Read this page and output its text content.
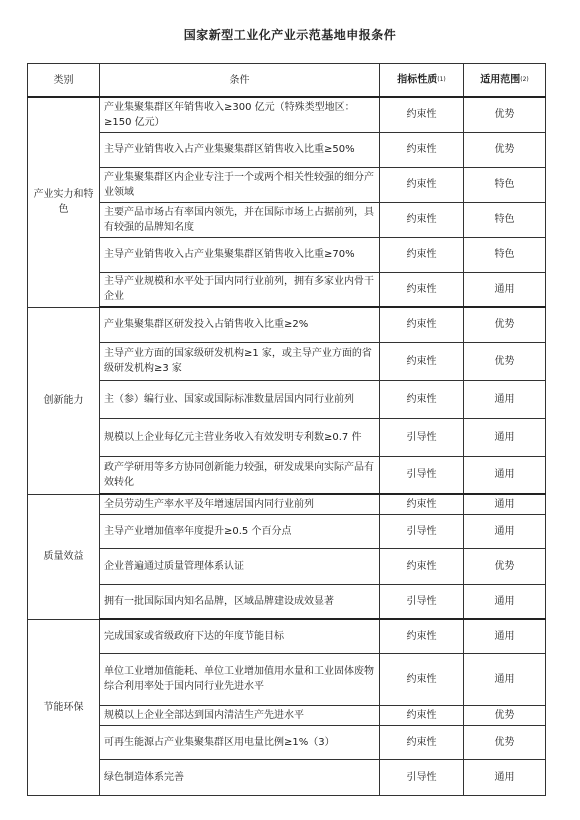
国家新型工业化产业示范基地申报条件
类别	条件	指标性质(1)	适用范围(2)
产业实力和特色	产业集聚集群区年销售收入≥300 亿元（特殊类型地区：≥150 亿元）	约束性	优势
	主导产业销售收入占产业集聚集群区销售收入比重≥50%	约束性	优势
	产业集聚集群区内企业专注于一个或两个相关性较强的细分产业领域	约束性	特色
	主要产品市场占有率国内领先，并在国际市场上占据前列，具有较强的品牌知名度	约束性	特色
	主导产业销售收入占产业集聚集群区销售收入比重≥70%	约束性	特色
	主导产业规模和水平处于国内同行业前列，拥有多家业内骨干企业	约束性	通用
创新能力	产业集聚集群区研发投入占销售收入比重≥2%	约束性	优势
	主导产业方面的国家级研发机构≥1 家，或主导产业方面的省级研发机构≥3 家	约束性	优势
	主（参）编行业、国家或国际标准数量居国内同行业前列	约束性	通用
	规模以上企业每亿元主营业务收入有效发明专利数≥0.7 件	引导性	通用
	政产学研用等多方协同创新能力较强，研发成果向实际产品有效转化	引导性	通用
质量效益	全员劳动生产率水平及年增速居国内同行业前列	约束性	通用
	主导产业增加值率年度提升≥0.5 个百分点	引导性	通用
	企业普遍通过质量管理体系认证	约束性	优势
	拥有一批国际国内知名品牌，区域品牌建设成效显著	引导性	通用
节能环保	完成国家或省级政府下达的年度节能目标	约束性	通用
	单位工业增加值能耗、单位工业增加值用水量和工业固体废物综合利用率处于国内同行业先进水平	约束性	通用
	规模以上企业全部达到国内清洁生产先进水平	约束性	优势
	可再生能源占产业集聚集群区用电量比例≥1%（3）	约束性	优势
	绿色制造体系完善	引导性	通用
